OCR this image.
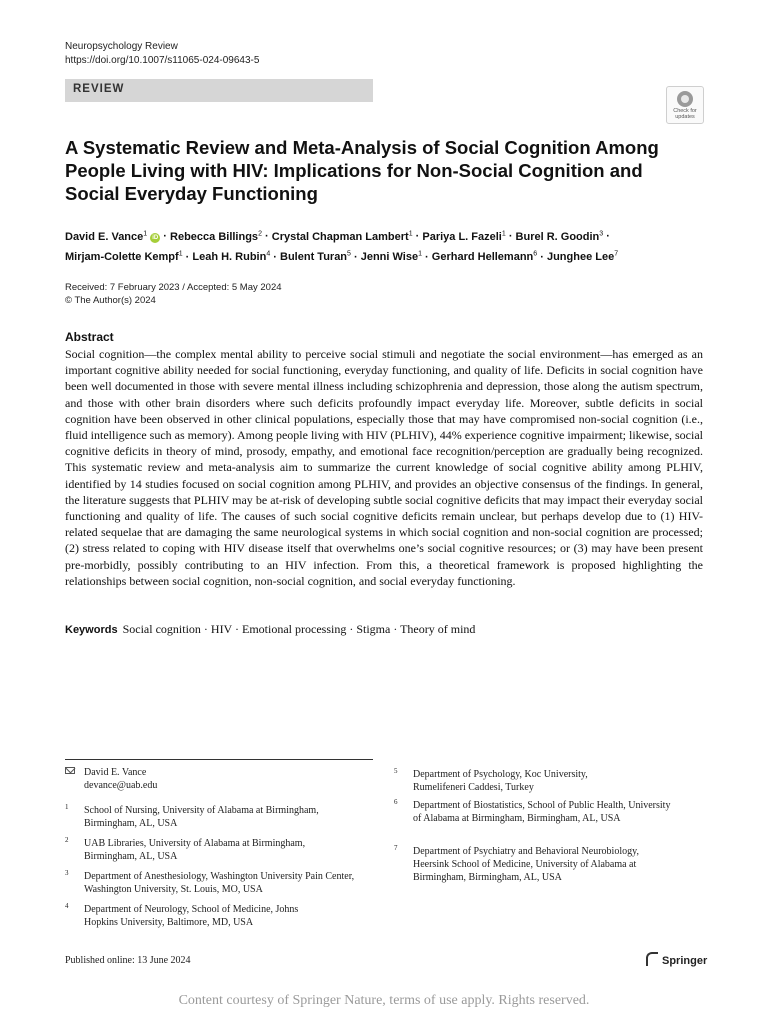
Neuropsychology Review
https://doi.org/10.1007/s11065-024-09643-5
REVIEW
Check for updates
A Systematic Review and Meta-Analysis of Social Cognition Among People Living with HIV: Implications for Non-Social Cognition and Social Everyday Functioning
David E. Vance$^1$ iD · Rebecca Billings$^2$ · Crystal Chapman Lambert$^1$ · Pariya L. Fazeli$^1$ · Burel R. Goodin$^3$ ·
Mirjam-Colette Kempf$^1$ · Leah H. Rubin$^4$ · Bulent Turan$^5$ · Jenni Wise$^1$ · Gerhard Hellemann$^6$ · Junghee Lee$^7$
Received: 7 February 2023 / Accepted: 5 May 2024
© The Author(s) 2024
Abstract
Social cognition—the complex mental ability to perceive social stimuli and negotiate the social environment—has emerged as an important cognitive ability needed for social functioning, everyday functioning, and quality of life. Deficits in social cognition have been well documented in those with severe mental illness including schizophrenia and depression, those along the autism spectrum, and those with other brain disorders where such deficits profoundly impact everyday life. Moreover, subtle deficits in social cognition have been observed in other clinical populations, especially those that may have compromised non-social cognition (i.e., fluid intelligence such as memory). Among people living with HIV (PLHIV), 44% experience cognitive impairment; likewise, social cognitive deficits in theory of mind, prosody, empathy, and emotional face recognition/perception are gradually being recognized. This systematic review and meta-analysis aim to summarize the current knowledge of social cognitive ability among PLHIV, identified by 14 studies focused on social cognition among PLHIV, and provides an objective consensus of the findings. In general, the literature suggests that PLHIV may be at-risk of developing subtle social cognitive deficits that may impact their everyday social functioning and quality of life. The causes of such social cognitive deficits remain unclear, but perhaps develop due to (1) HIV-related sequelae that are damaging the same neurological systems in which social cognition and non-social cognition are processed; (2) stress related to coping with HIV disease itself that overwhelms one’s social cognitive resources; or (3) may have been present pre-morbidly, possibly contributing to an HIV infection. From this, a theoretical framework is proposed highlighting the relationships between social cognition, non-social cognition, and social everyday functioning.
Keywords Social cognition · HIV · Emotional processing · Stigma · Theory of mind
David E. Vance
devance@uab.edu
1 School of Nursing, University of Alabama at Birmingham, Birmingham, AL, USA
2 UAB Libraries, University of Alabama at Birmingham, Birmingham, AL, USA
3 Department of Anesthesiology, Washington University Pain Center, Washington University, St. Louis, MO, USA
4 Department of Neurology, School of Medicine, Johns Hopkins University, Baltimore, MD, USA
5 Department of Psychology, Koc University, Rumelifeneri Caddesi, Turkey
6 Department of Biostatistics, School of Public Health, University of Alabama at Birmingham, Birmingham, AL, USA
7 Department of Psychiatry and Behavioral Neurobiology, Heersink School of Medicine, University of Alabama at Birmingham, Birmingham, AL, USA
Published online: 13 June 2024	Springer
Content courtesy of Springer Nature, terms of use apply. Rights reserved.
